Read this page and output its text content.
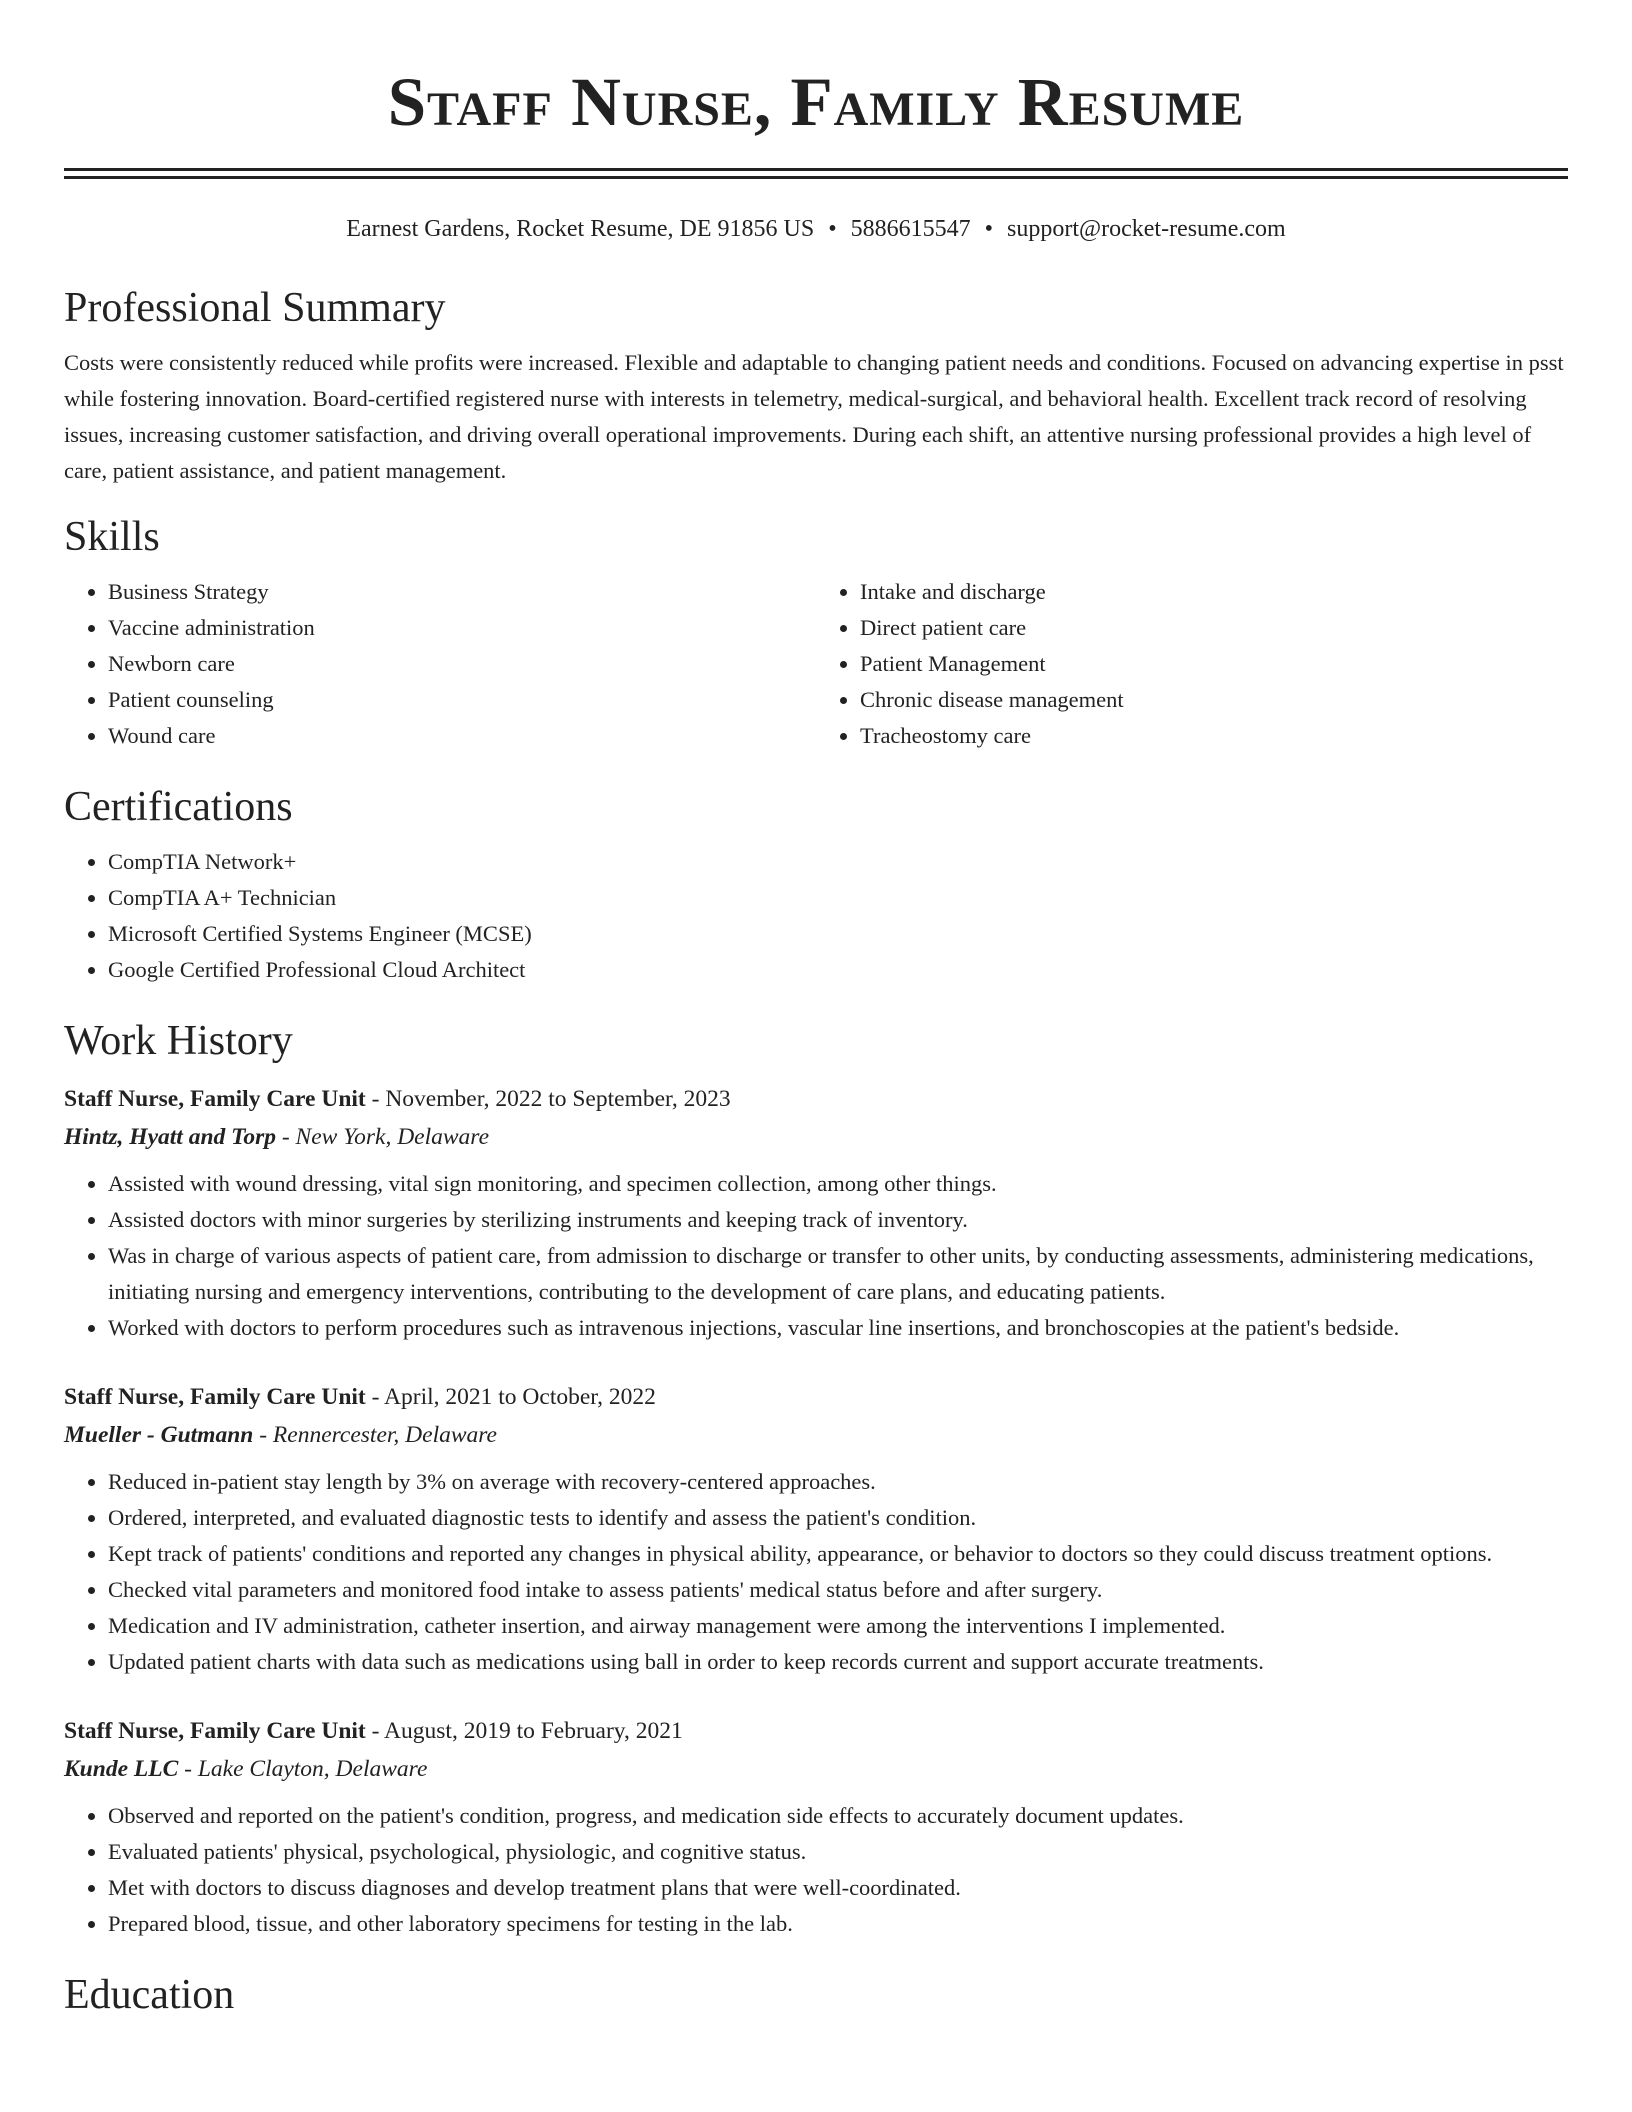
Staff Nurse, Family Resume
Earnest Gardens, Rocket Resume, DE 91856 US • 5886615547 • support@rocket-resume.com
Professional Summary

Costs were consistently reduced while profits were increased. Flexible and adaptable to changing patient needs and conditions. Focused on advancing expertise in psst while fostering innovation. Board-certified registered nurse with interests in telemetry, medical-surgical, and behavioral health. Excellent track record of resolving issues, increasing customer satisfaction, and driving overall operational improvements. During each shift, an attentive nursing professional provides a high level of care, patient assistance, and patient management.

Skills
• Business Strategy
• Vaccine administration
• Newborn care
• Patient counseling
• Wound care
• Intake and discharge
• Direct patient care
• Patient Management
• Chronic disease management
• Tracheostomy care
Certifications
• CompTIA Network+
• CompTIA A+ Technician
• Microsoft Certified Systems Engineer (MCSE)
• Google Certified Professional Cloud Architect
Work History
Staff Nurse, Family Care Unit - November, 2022 to September, 2023
Hintz, Hyatt and Torp - New York, Delaware
• Assisted with wound dressing, vital sign monitoring, and specimen collection, among other things.
• Assisted doctors with minor surgeries by sterilizing instruments and keeping track of inventory.
• Was in charge of various aspects of patient care, from admission to discharge or transfer to other units, by conducting assessments, administering medications, initiating nursing and emergency interventions, contributing to the development of care plans, and educating patients.
• Worked with doctors to perform procedures such as intravenous injections, vascular line insertions, and bronchoscopies at the patient's bedside.
Staff Nurse, Family Care Unit - April, 2021 to October, 2022
Mueller - Gutmann - Rennercester, Delaware
• Reduced in-patient stay length by 3% on average with recovery-centered approaches.
• Ordered, interpreted, and evaluated diagnostic tests to identify and assess the patient's condition.
• Kept track of patients' conditions and reported any changes in physical ability, appearance, or behavior to doctors so they could discuss treatment options.
• Checked vital parameters and monitored food intake to assess patients' medical status before and after surgery.
• Medication and IV administration, catheter insertion, and airway management were among the interventions I implemented.
• Updated patient charts with data such as medications using ball in order to keep records current and support accurate treatments.
Staff Nurse, Family Care Unit - August, 2019 to February, 2021
Kunde LLC - Lake Clayton, Delaware
• Observed and reported on the patient's condition, progress, and medication side effects to accurately document updates.
• Evaluated patients' physical, psychological, physiologic, and cognitive status.
• Met with doctors to discuss diagnoses and develop treatment plans that were well-coordinated.
• Prepared blood, tissue, and other laboratory specimens for testing in the lab.
Education
